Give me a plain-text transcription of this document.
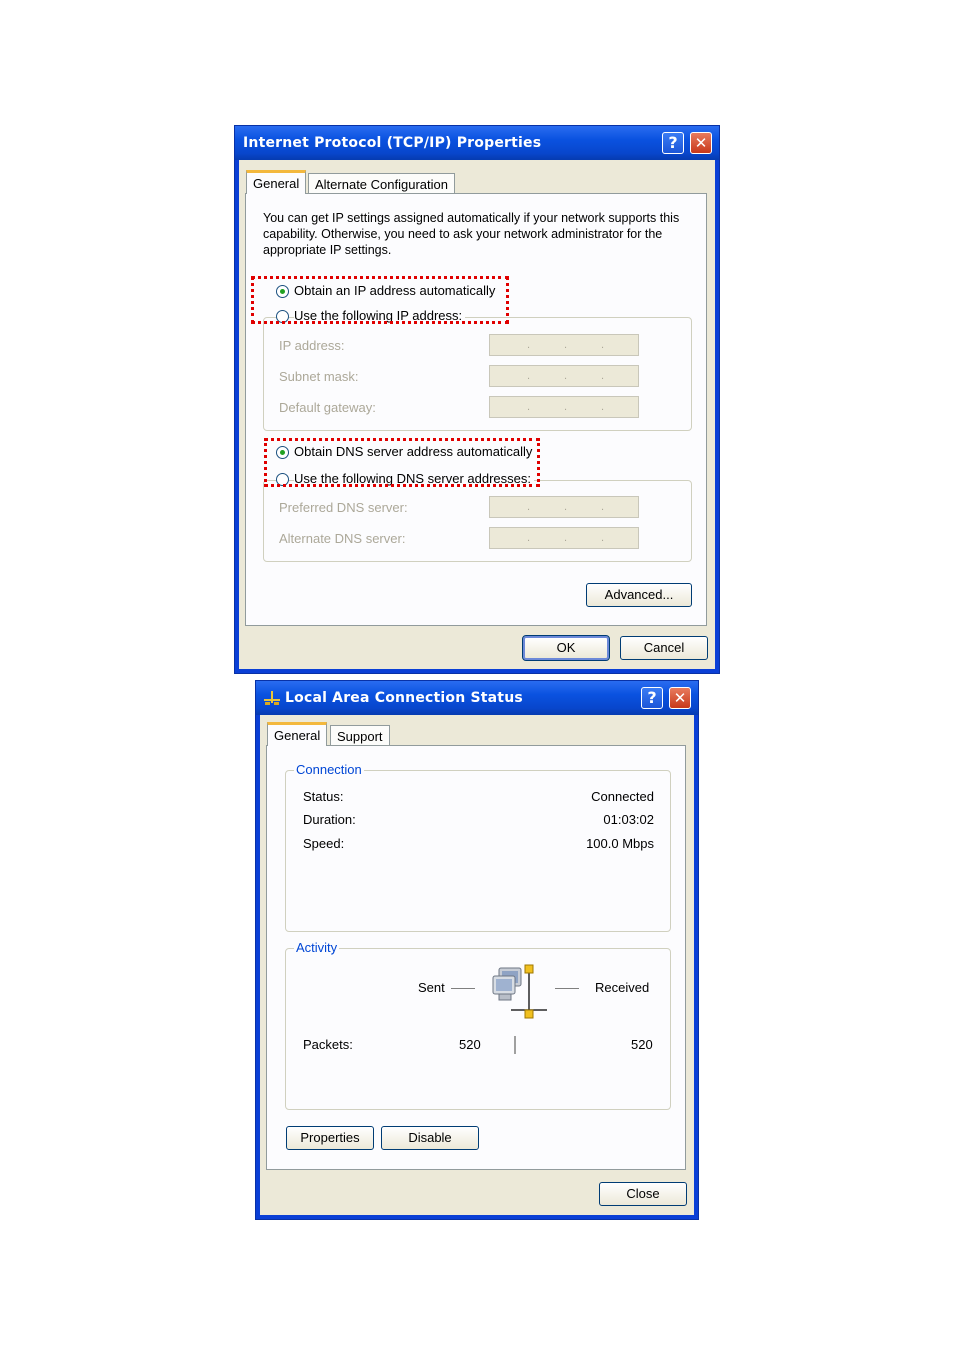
Internet Protocol (TCP/IP) Properties	?	✕
General	Alternate Configuration
You can get IP settings assigned automatically if your network supports this capability. Otherwise, you need to ask your network administrator for the appropriate IP settings.
Obtain an IP address automatically
Use the following IP address:
IP address:	.	.	.
Subnet mask:	.	.	.
Default gateway:	.	.	.
Obtain DNS server address automatically
Use the following DNS server addresses:
Preferred DNS server:	.	.	.
Alternate DNS server:	.	.	.
Advanced...
OK	Cancel
Local Area Connection Status	?	✕
General	Support
Connection
Status:	Connected
Duration:	01:03:02
Speed:	100.0 Mbps
Activity
Sent	Received
Packets:	520	520
Properties	Disable
Close
